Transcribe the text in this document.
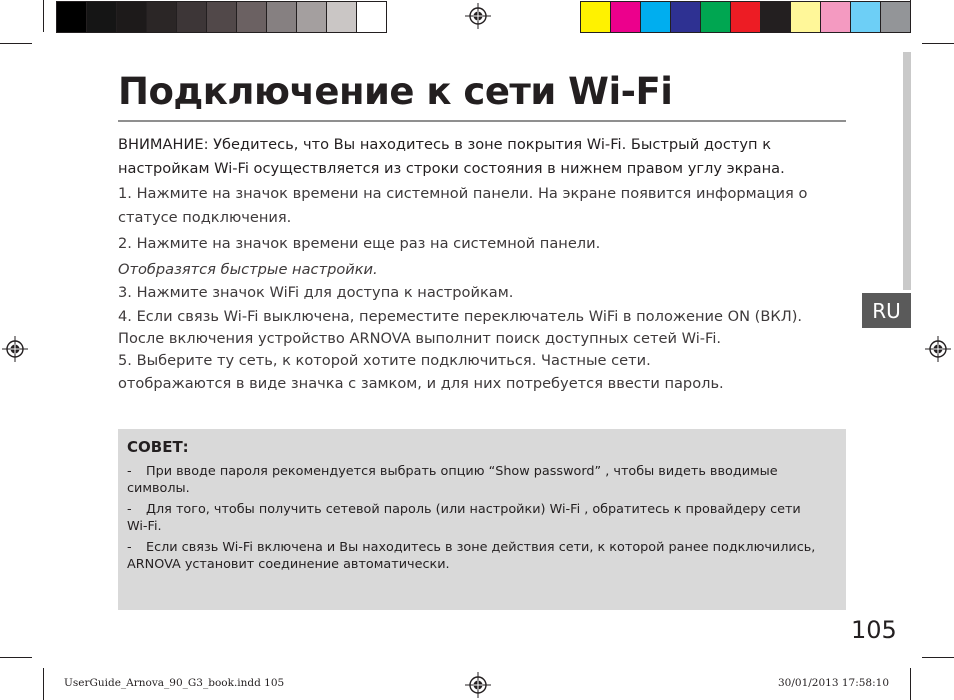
RU
Подключение к сети Wi-Fi
ВНИМАНИЕ: Убедитесь, что Вы находитесь в зоне покрытия Wi-Fi. Быстрый доступ к
настройкам Wi-Fi осуществляется из строки состояния в нижнем правом углу экрана.
1. Нажмите на значок времени на системной панели. На экране появится информация о
статусе подключения.
2. Нажмите на значок времени еще раз на системной панели.
Отобразятся быстрые настройки.
3. Нажмите значок WiFi для доступа к настройкам.
4. Если связь Wi-Fi выключена, переместите переключатель WiFi в положение ON (ВКЛ).
После включения устройство ARNOVA выполнит поиск доступных сетей Wi-Fi.
5. Выберите ту сеть, к которой хотите подключиться. Частные сети.
отображаются в виде значка с замком, и для них потребуется ввести пароль.
СОВЕТ:
- При вводе пароля рекомендуется выбрать опцию “Show password” , чтобы видеть вводимые
символы.
- Для того, чтобы получить сетевой пароль (или настройки) Wi-Fi , обратитесь к провайдеру сети
Wi-Fi.
- Если связь Wi-Fi включена и Вы находитесь в зоне действия сети, к которой ранее подключились,
ARNOVA установит соединение автоматически.
105
UserGuide_Arnova_90_G3_book.indd 105	30/01/2013 17:58:10
